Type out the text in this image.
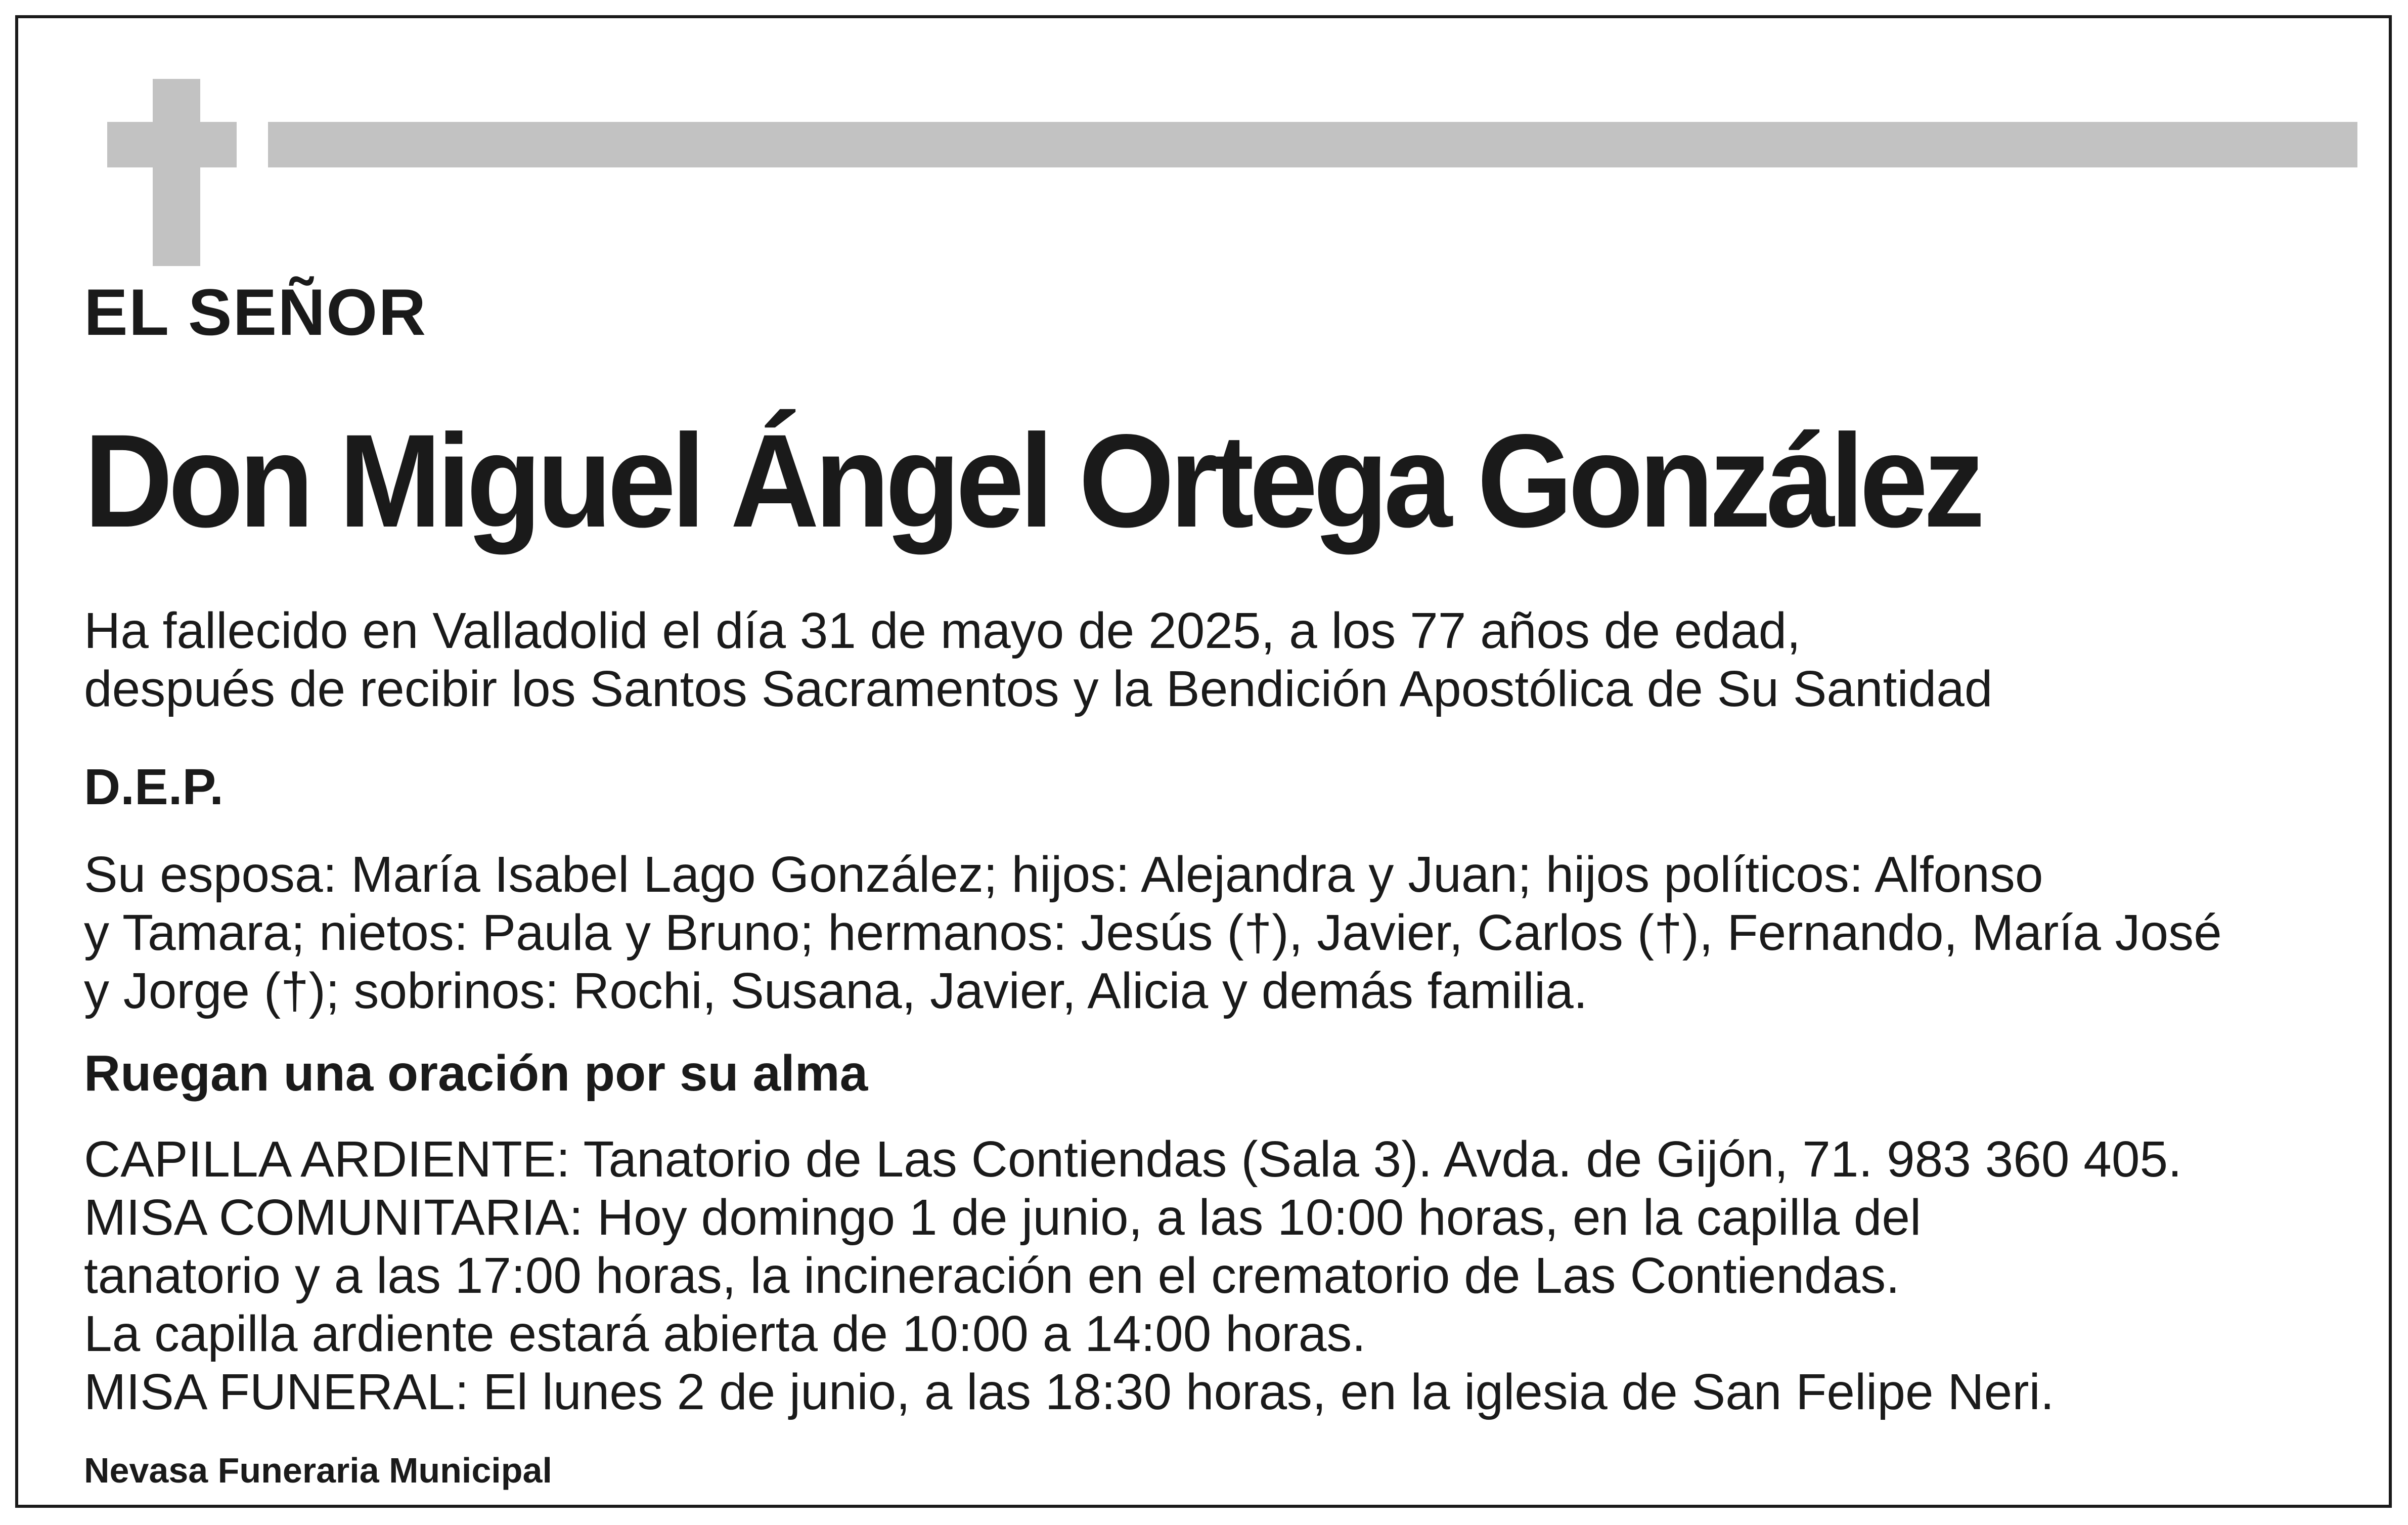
EL SEÑOR

Don Miguel Ángel Ortega González

Ha fallecido en Valladolid el día 31 de mayo de 2025, a los 77 años de edad,
después de recibir los Santos Sacramentos y la Bendición Apostólica de Su Santidad

D.E.P.

Su esposa: María Isabel Lago González; hijos: Alejandra y Juan; hijos políticos: Alfonso
y Tamara; nietos: Paula y Bruno; hermanos: Jesús (†), Javier, Carlos (†), Fernando, María José
y Jorge (†); sobrinos: Rochi, Susana, Javier, Alicia y demás familia.

Ruegan una oración por su alma

CAPILLA ARDIENTE: Tanatorio de Las Contiendas (Sala 3). Avda. de Gijón, 71. 983 360 405.
MISA COMUNITARIA: Hoy domingo 1 de junio, a las 10:00 horas, en la capilla del
tanatorio y a las 17:00 horas, la incineración en el crematorio de Las Contiendas.
La capilla ardiente estará abierta de 10:00 a 14:00 horas.
MISA FUNERAL: El lunes 2 de junio, a las 18:30 horas, en la iglesia de San Felipe Neri.

Nevasa Funeraria Municipal
